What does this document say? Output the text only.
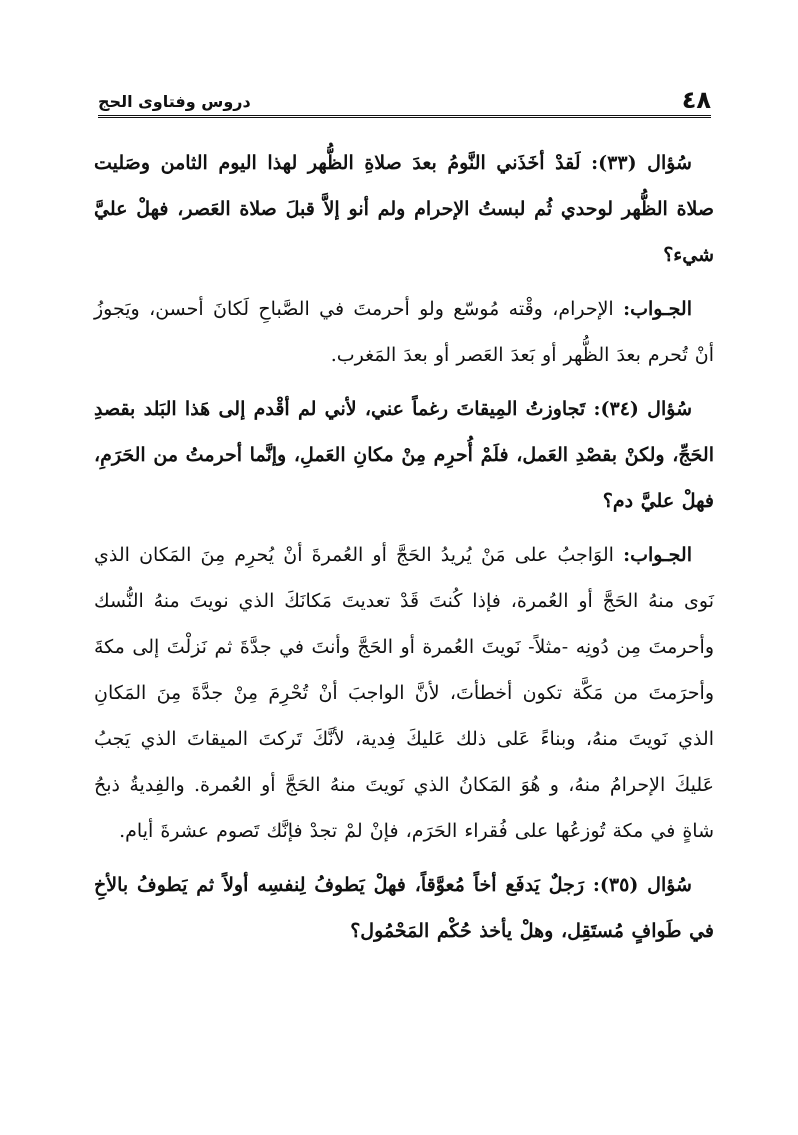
٤٨
دروس وفتاوى الحج

سُؤال (٣٣): لَقدْ أخَذَني النَّومُ بعدَ صلاةِ الظُّهر لهذا اليوم الثامن وصَليت صلاة الظُّهر لوحدي ثُم لبستُ الإحرام ولم أنو إلاَّ قبلَ صلاة العَصر، فهلْ عليَّ شيء؟

الجـواب: الإحرام، وقْته مُوسّع ولو أحرمتَ في الصَّباحِ لَكانَ أحسن، ويَجوزُ أنْ تُحرم بعدَ الظُّهر أو بَعدَ العَصر أو بعدَ المَغرب.

سُؤال (٣٤): تَجاوزتُ المِيقاتَ رغماً عني، لأني لم أقْدم إلى هَذا البَلد بقصدِ الحَجِّ، ولكنْ بقصْدِ العَمل، فلَمْ أُحرِم مِنْ مكانِ العَملِ، وإنَّما أحرمتُ من الحَرَمِ، فهلْ عليَّ دم؟

الجـواب: الوَاجبُ على مَنْ يُريدُ الحَجَّ أو العُمرةَ أنْ يُحرِم مِنَ المَكان الذي نَوى منهُ الحَجَّ أو العُمرة، فإذا كُنتَ قَدْ تعديتَ مَكانَكَ الذي نويتَ منهُ النُّسك وأحرمتَ مِن دُونِه -مثلاً- نَويتَ العُمرة أو الحَجَّ وأنتَ في جدَّةَ ثم نَزلْتَ إلى مكةَ وأحرَمتَ من مَكَّة تكون أخطأتَ، لأنَّ الواجبَ أنْ تُحْرِمَ مِنْ جدَّةَ مِنَ المَكانِ الذي نَويتَ منهُ، وبناءً عَلى ذلك عَليكَ فِدية، لأنَّكَ تَركتَ الميقاتَ الذي يَجبُ عَليكَ الإحرامُ منهُ، و هُوَ المَكانُ الذي نَويتَ منهُ الحَجَّ أو العُمرة. والفِديةُ ذبحُ شاةٍ في مكة تُوزعُها على فُقراء الحَرَم، فإنْ لمْ تجدْ فإنَّك تَصوم عشرةَ أيام.

سُؤال (٣٥): رَجلٌ يَدفَع أخاً مُعوَّقاً، فهلْ يَطوفُ لِنفسِه أولاً ثم يَطوفُ بالأخِ في طَوافٍ مُستَقِل، وهلْ يأخذ حُكْم المَحْمُول؟
